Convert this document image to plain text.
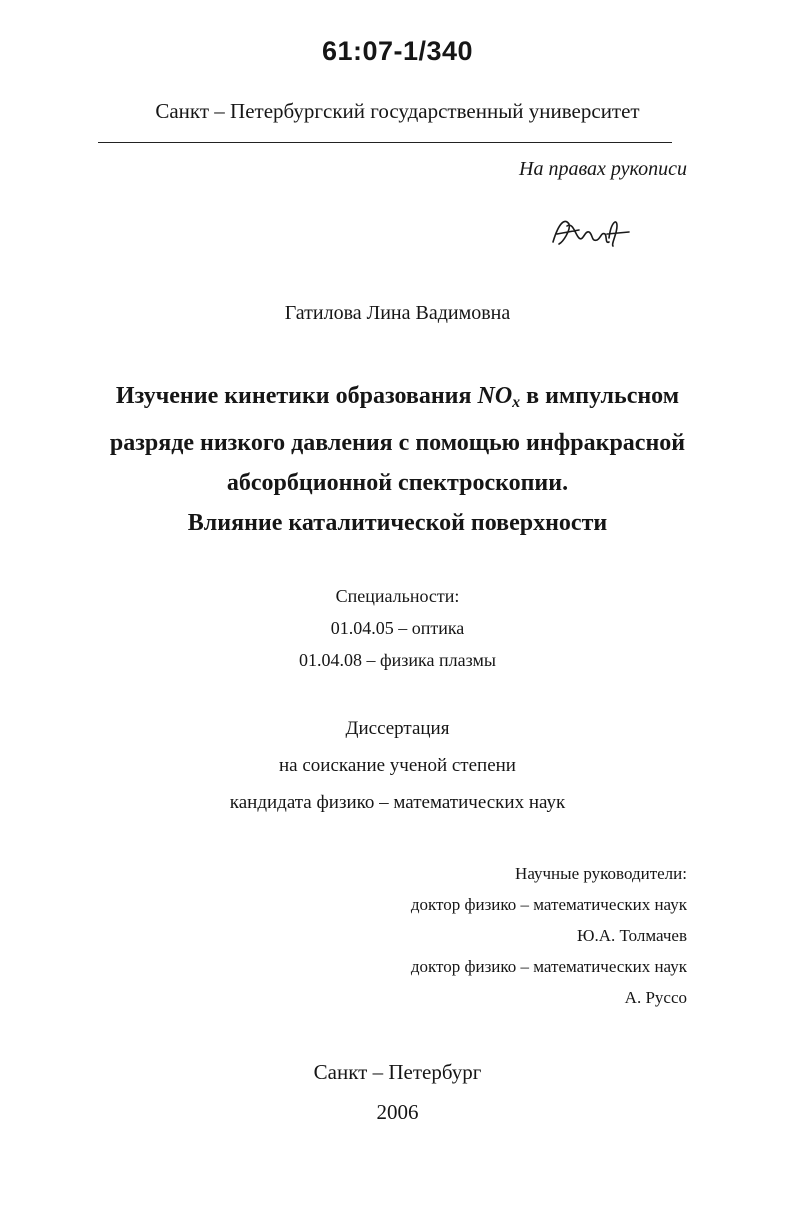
61:07-1/340
Санкт – Петербургский государственный университет
На правах рукописи
Гатилова Лина Вадимовна
Изучение кинетики образования $NO_x$ в импульсном
разряде низкого давления с помощью инфракрасной
абсорбционной спектроскопии.
Влияние каталитической поверхности
Специальности:
01.04.05 – оптика
01.04.08 – физика плазмы
Диссертация
на соискание ученой степени
кандидата физико – математических наук
Научные руководители:
доктор физико – математических наук
Ю.А. Толмачев
доктор физико – математических наук
А. Руссо
Санкт – Петербург
2006
